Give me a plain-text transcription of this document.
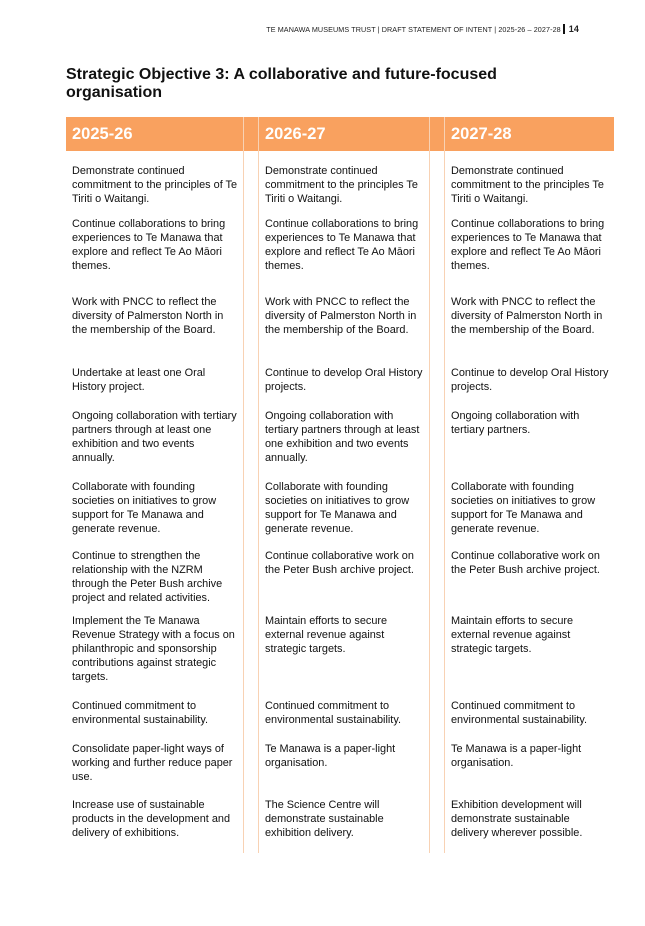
TE MANAWA MUSEUMS TRUST | DRAFT STATEMENT OF INTENT | 2025-26 – 2027-28 14
Strategic Objective 3: A collaborative and future-focused organisation
2025-26	2026-27	2027-28
Demonstrate continued commitment to the principles of Te Tiriti o Waitangi.
Demonstrate continued commitment to the principles Te Tiriti o Waitangi.
Demonstrate continued commitment to the principles Te Tiriti o Waitangi.
Continue collaborations to bring experiences to Te Manawa that explore and reflect Te Ao Māori themes.
Continue collaborations to bring experiences to Te Manawa that explore and reflect Te Ao Māori themes.
Continue collaborations to bring experiences to Te Manawa that explore and reflect Te Ao Māori themes.
Work with PNCC to reflect the diversity of Palmerston North in the membership of the Board.
Work with PNCC to reflect the diversity of Palmerston North in the membership of the Board.
Work with PNCC to reflect the diversity of Palmerston North in the membership of the Board.
Undertake at least one Oral History project.
Continue to develop Oral History projects.
Continue to develop Oral History projects.
Ongoing collaboration with tertiary partners through at least one exhibition and two events annually.
Ongoing collaboration with tertiary partners through at least one exhibition and two events annually.
Ongoing collaboration with tertiary partners.
Collaborate with founding societies on initiatives to grow support for Te Manawa and generate revenue.
Collaborate with founding societies on initiatives to grow support for Te Manawa and generate revenue.
Collaborate with founding societies on initiatives to grow support for Te Manawa and generate revenue.
Continue to strengthen the relationship with the NZRM through the Peter Bush archive project and related activities.
Continue collaborative work on the Peter Bush archive project.
Continue collaborative work on the Peter Bush archive project.
Implement the Te Manawa Revenue Strategy with a focus on philanthropic and sponsorship contributions against strategic targets.
Maintain efforts to secure external revenue against strategic targets.
Maintain efforts to secure external revenue against strategic targets.
Continued commitment to environmental sustainability.
Continued commitment to environmental sustainability.
Continued commitment to environmental sustainability.
Consolidate paper-light ways of working and further reduce paper use.
Te Manawa is a paper-light organisation.
Te Manawa is a paper-light organisation.
Increase use of sustainable products in the development and delivery of exhibitions.
The Science Centre will demonstrate sustainable exhibition delivery.
Exhibition development will demonstrate sustainable delivery wherever possible.
